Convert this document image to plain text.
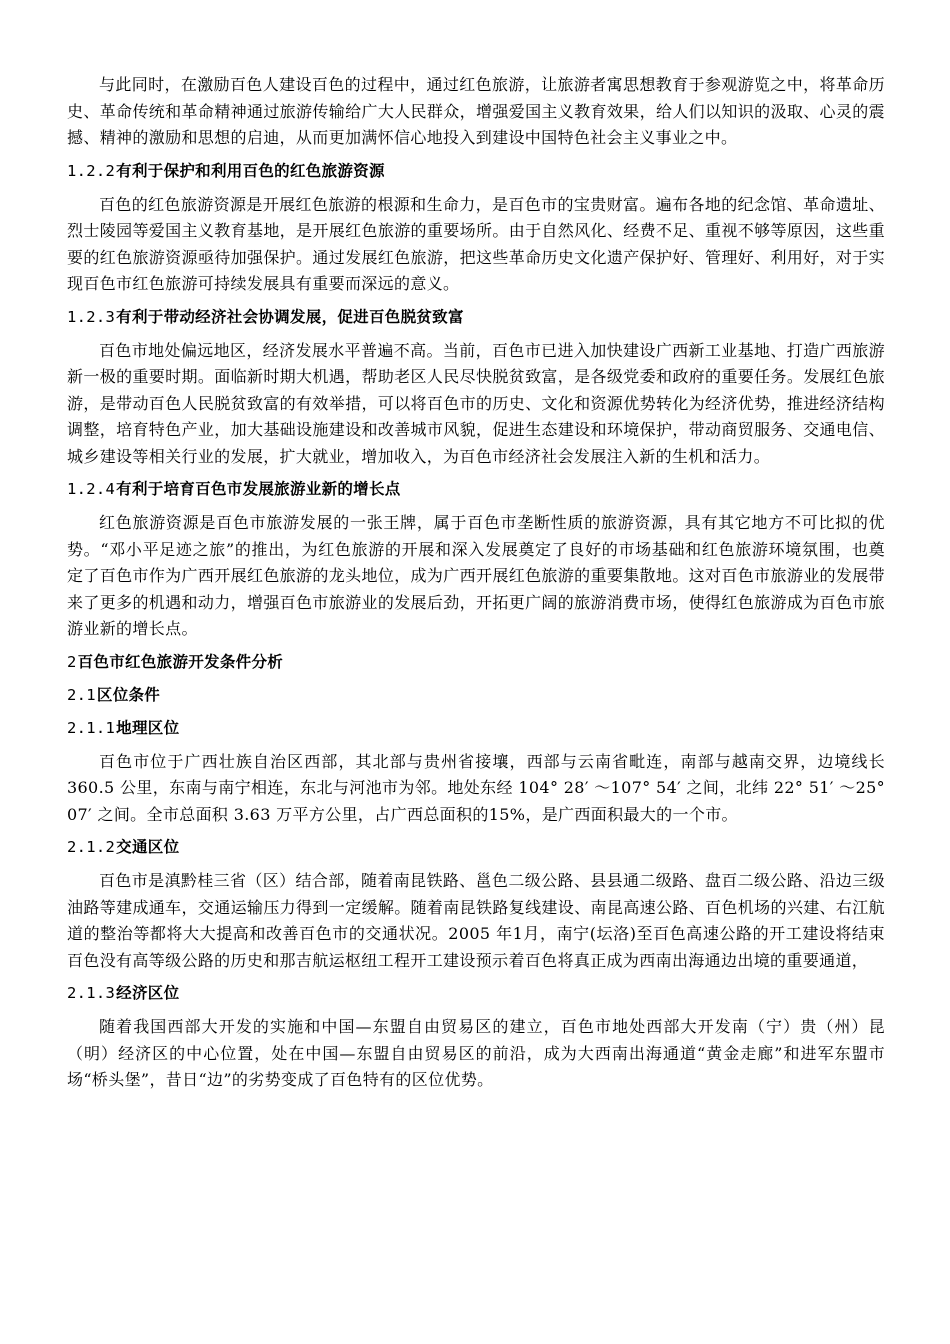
与此同时，在激励百色人建设百色的过程中，通过红色旅游，让旅游者寓思想教育于参观游览之中，将革命历史、革命传统和革命精神通过旅游传输给广大人民群众，增强爱国主义教育效果，给人们以知识的汲取、心灵的震撼、精神的激励和思想的启迪，从而更加满怀信心地投入到建设中国特色社会主义事业之中。

1.2.2有利于保护和利用百色的红色旅游资源

百色的红色旅游资源是开展红色旅游的根源和生命力，是百色市的宝贵财富。遍布各地的纪念馆、革命遗址、烈士陵园等爱国主义教育基地，是开展红色旅游的重要场所。由于自然风化、经费不足、重视不够等原因，这些重要的红色旅游资源亟待加强保护。通过发展红色旅游，把这些革命历史文化遗产保护好、管理好、利用好，对于实现百色市红色旅游可持续发展具有重要而深远的意义。

1.2.3有利于带动经济社会协调发展，促进百色脱贫致富

百色市地处偏远地区，经济发展水平普遍不高。当前，百色市已进入加快建设广西新工业基地、打造广西旅游新一极的重要时期。面临新时期大机遇，帮助老区人民尽快脱贫致富，是各级党委和政府的重要任务。发展红色旅游，是带动百色人民脱贫致富的有效举措，可以将百色市的历史、文化和资源优势转化为经济优势，推进经济结构调整，培育特色产业，加大基础设施建设和改善城市风貌，促进生态建设和环境保护，带动商贸服务、交通电信、城乡建设等相关行业的发展，扩大就业，增加收入，为百色市经济社会发展注入新的生机和活力。

1.2.4有利于培育百色市发展旅游业新的增长点

红色旅游资源是百色市旅游发展的一张王牌，属于百色市垄断性质的旅游资源，具有其它地方不可比拟的优势。“邓小平足迹之旅”的推出，为红色旅游的开展和深入发展奠定了良好的市场基础和红色旅游环境氛围，也奠定了百色市作为广西开展红色旅游的龙头地位，成为广西开展红色旅游的重要集散地。这对百色市旅游业的发展带来了更多的机遇和动力，增强百色市旅游业的发展后劲，开拓更广阔的旅游消费市场，使得红色旅游成为百色市旅游业新的增长点。

2百色市红色旅游开发条件分析
2.1区位条件
2.1.1地理区位

百色市位于广西壮族自治区西部，其北部与贵州省接壤，西部与云南省毗连，南部与越南交界，边境线长 360.5 公里，东南与南宁相连，东北与河池市为邻。地处东经 104° 28′ ～107° 54′ 之间，北纬 22° 51′ ～25° 07′ 之间。全市总面积 3.63 万平方公里，占广西总面积的15%，是广西面积最大的一个市。

2.1.2交通区位

百色市是滇黔桂三省（区）结合部，随着南昆铁路、邕色二级公路、县县通二级路、盘百二级公路、沿边三级油路等建成通车，交通运输压力得到一定缓解。随着南昆铁路复线建设、南昆高速公路、百色机场的兴建、右江航道的整治等都将大大提高和改善百色市的交通状况。2005 年1月，南宁(坛洛)至百色高速公路的开工建设将结束百色没有高等级公路的历史和那吉航运枢纽工程开工建设预示着百色将真正成为西南出海通边出境的重要通道，

2.1.3经济区位

随着我国西部大开发的实施和中国—东盟自由贸易区的建立，百色市地处西部大开发南（宁）贵（州）昆（明）经济区的中心位置，处在中国—东盟自由贸易区的前沿，成为大西南出海通道“黄金走廊”和进军东盟市场“桥头堡”，昔日“边”的劣势变成了百色特有的区位优势。
